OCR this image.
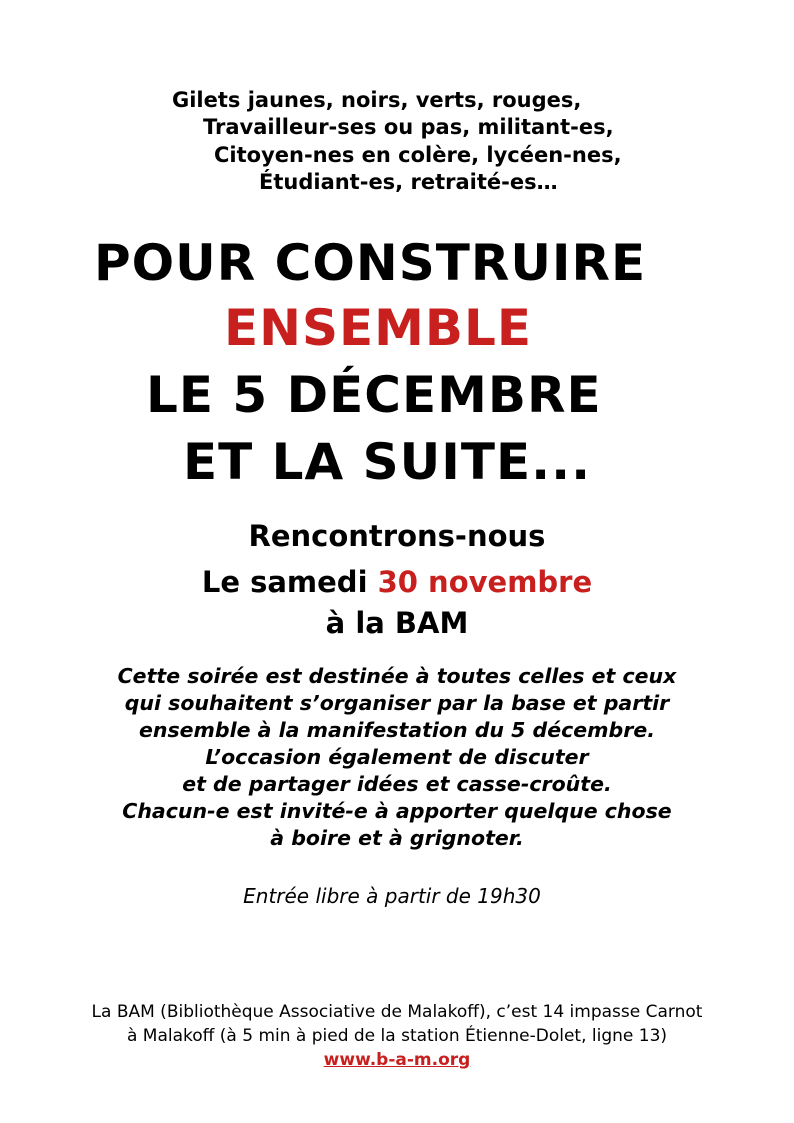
Gilets jaunes, noirs, verts, rouges,
Travailleur-ses ou pas, militant-es,
Citoyen-nes en colère, lycéen-nes,
Étudiant-es, retraité-es…
POUR CONSTRUIRE
ENSEMBLE
LE 5 DÉCEMBRE
ET LA SUITE...
Rencontrons-nous
Le samedi 30 novembre
à la BAM
Cette soirée est destinée à toutes celles et ceux
qui souhaitent s’organiser par la base et partir
ensemble à la manifestation du 5 décembre.
L’occasion également de discuter
et de partager idées et casse-croûte.
Chacun-e est invité-e à apporter quelque chose
à boire et à grignoter.
Entrée libre à partir de 19h30
La BAM (Bibliothèque Associative de Malakoff), c’est 14 impasse Carnot
à Malakoff (à 5 min à pied de la station Étienne-Dolet, ligne 13)
www.b-a-m.org
